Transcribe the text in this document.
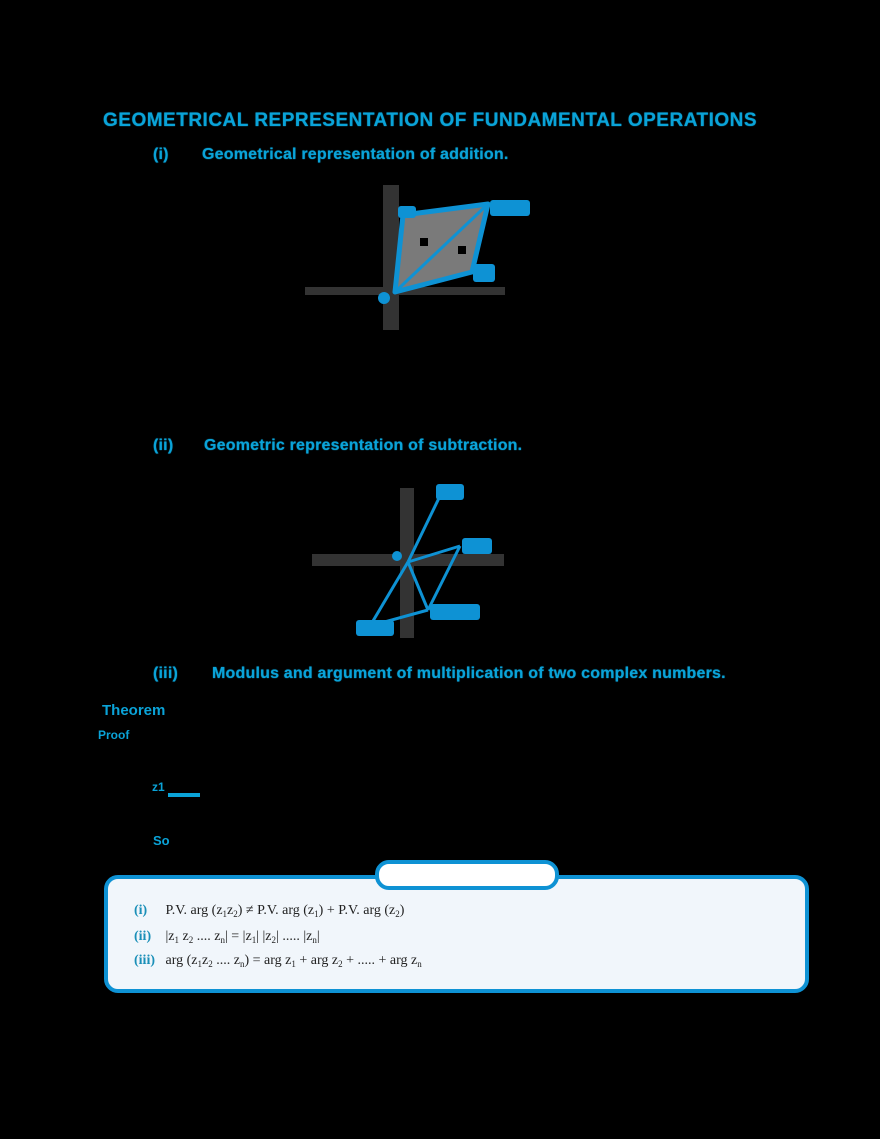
GEOMETRICAL REPRESENTATION OF FUNDAMENTAL OPERATIONS
(i) Geometrical representation of addition.
(ii) Geometric representation of subtraction.
(iii) Modulus and argument of multiplication of two complex numbers.
Theorem
Proof
z1
So
(i) P.V. arg $(z_1z_2) \ne P.V$. arg $(z_1) + P.V$. arg $(z_2)$
(ii) $|z_1$ $z_2$ .... $z_n| = |z_1|$ $|z_2|$ ..... $|z_n|$
(iii) arg ($z_1z_2$ .... $z_n$) = arg $z_1$ + arg $z_2$ + ..... + arg $z_n$
